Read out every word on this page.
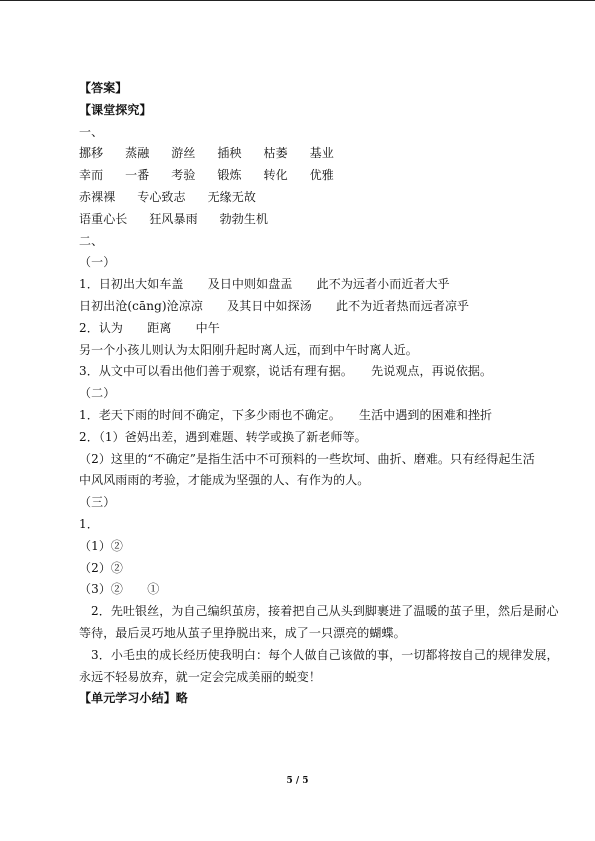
【答案】
【课堂探究】
一、
挪移 蒸融 游丝 插秧 枯萎 基业
幸而 一番 考验 锻炼 转化 优雅
赤裸裸 专心致志 无缘无故
语重心长 狂风暴雨 勃勃生机
二、
（一）
1．日初出大如车盖　　及日中则如盘盂　　此不为远者小而近者大乎
日初出沧(cāng)沧凉凉　　及其日中如探汤　　此不为近者热而远者凉乎
2．认为　　距离　　中午
另一个小孩儿则认为太阳刚升起时离人远，而到中午时离人近。
3．从文中可以看出他们善于观察，说话有理有据。　　先说观点，再说依据。
（二）
1．老天下雨的时间不确定，下多少雨也不确定。　　生活中遇到的困难和挫折
2．（1）爸妈出差，遇到难题、转学或换了新老师等。
（2）这里的“不确定”是指生活中不可预料的一些坎坷、曲折、磨难。只有经得起生活
中风风雨雨的考验，才能成为坚强的人、有作为的人。
（三）
1．
（1）②
（2）②
（3）②　　①
2．先吐银丝，为自己编织茧房，接着把自己从头到脚裹进了温暖的茧子里，然后是耐心
等待，最后灵巧地从茧子里挣脱出来，成了一只漂亮的蝴蝶。
3．小毛虫的成长经历使我明白：每个人做自己该做的事，一切都将按自己的规律发展，
永远不轻易放弃，就一定会完成美丽的蜕变！
【单元学习小结】略
5 / 5
